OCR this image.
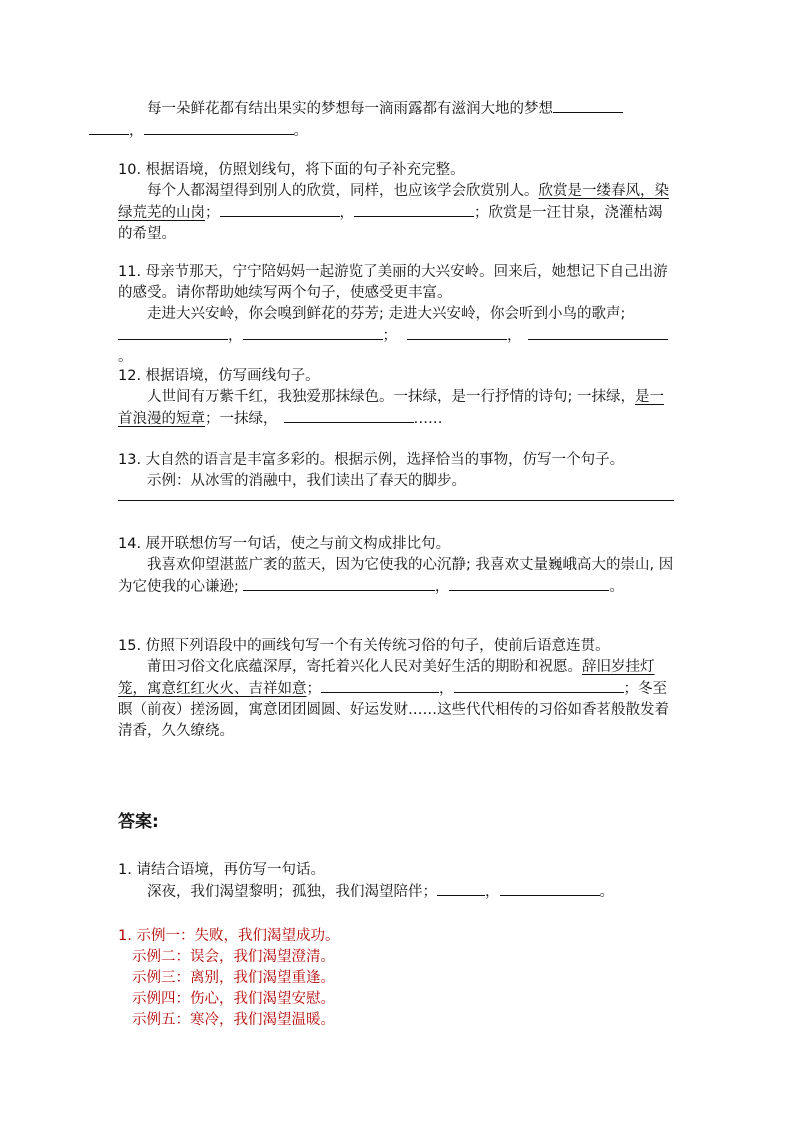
每一朵鲜花都有结出果实的梦想每一滴雨露都有滋润大地的梦想
，	。

10. 根据语境，仿照划线句，将下面的句子补充完整。

每个人都渴望得到别人的欣赏，同样，也应该学会欣赏别人。欣赏是一缕春风，染绿荒芜的山岗；	，	；欣赏是一汪甘泉，浇灌枯竭的希望。

11. 母亲节那天，宁宁陪妈妈一起游览了美丽的大兴安岭。回来后，她想记下自己出游的感受。请你帮助她续写两个句子，使感受更丰富。

走进大兴安岭，你会嗅到鲜花的芬芳; 走进大兴安岭，你会听到小鸟的歌声;

，	；	，。

12. 根据语境，仿写画线句子。

人世间有万紫千红，我独爱那抹绿色。一抹绿，是一行抒情的诗句; 一抹绿，是一首浪漫的短章；一抹绿，	……

13. 大自然的语言是丰富多彩的。根据示例，选择恰当的事物，仿写一个句子。

示例：从冰雪的消融中，我们读出了春天的脚步。

14. 展开联想仿写一句话，使之与前文构成排比句。

我喜欢仰望湛蓝广袤的蓝天，因为它使我的心沉静; 我喜欢丈量巍峨高大的崇山, 因为它使我的心谦逊;	，	。

15. 仿照下列语段中的画线句写一个有关传统习俗的句子，使前后语意连贯。

莆田习俗文化底蕴深厚，寄托着兴化人民对美好生活的期盼和祝愿。辞旧岁挂灯笼，寓意红红火火、吉祥如意；	，	；冬至瞑（前夜）搓汤圆，寓意团团圆圆、好运发财……这些代代相传的习俗如香茗般散发着清香，久久缭绕。

答案:

1. 请结合语境，再仿写一句话。

深夜，我们渴望黎明；孤独，我们渴望陪伴；	，	。

1. 示例一：失败，我们渴望成功。

示例二：误会，我们渴望澄清。

示例三：离别，我们渴望重逢。

示例四：伤心，我们渴望安慰。

示例五：寒冷，我们渴望温暖。
